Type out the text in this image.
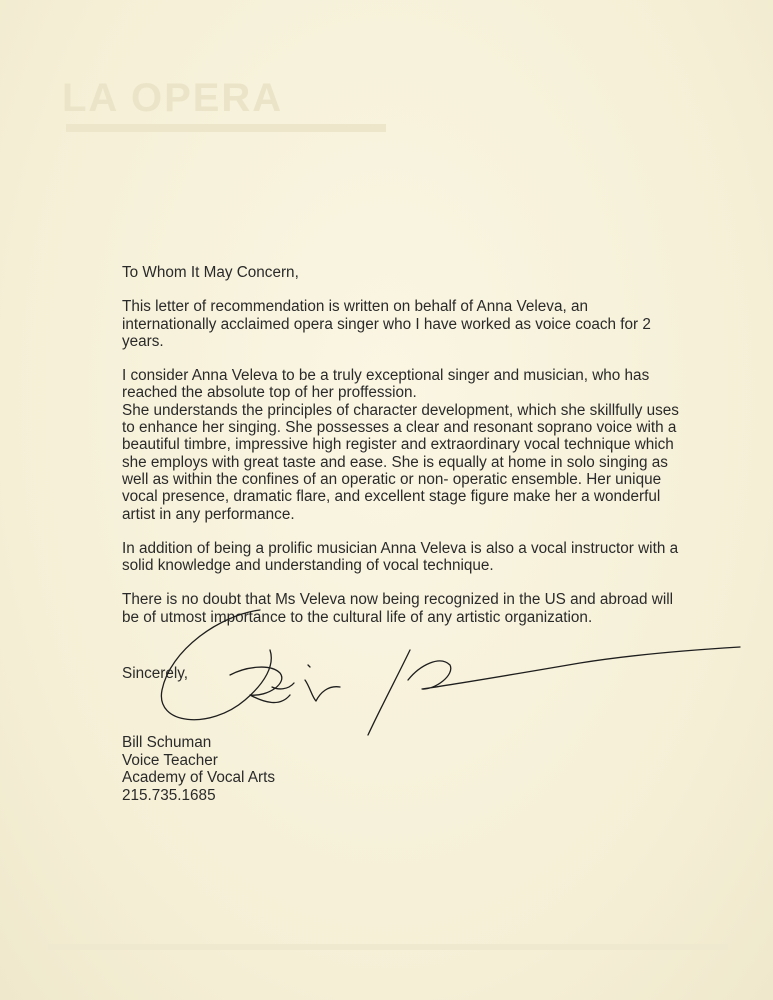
LA OPERA

To Whom It May Concern,

This letter of recommendation is written on behalf of Anna Veleva, an internationally acclaimed opera singer who I have worked as voice coach for 2 years.

I consider Anna Veleva to be a truly exceptional singer and musician, who has reached the absolute top of her proffession.

She understands the principles of character development, which she skillfully uses to enhance her singing. She possesses a clear and resonant soprano voice with a beautiful timbre, impressive high register and extraordinary vocal technique which she employs with great taste and ease. She is equally at home in solo singing as well as within the confines of an operatic or non- operatic ensemble. Her unique vocal presence, dramatic flare, and excellent stage figure make her a wonderful artist in any performance.

In addition of being a prolific musician Anna Veleva is also a vocal instructor with a solid knowledge and understanding of vocal technique.

There is no doubt that Ms Veleva now being recognized in the US and abroad will be of utmost importance to the cultural life of any artistic organization.

Sincerely,
Bill Schuman
Voice Teacher
Academy of Vocal Arts
215.735.1685
